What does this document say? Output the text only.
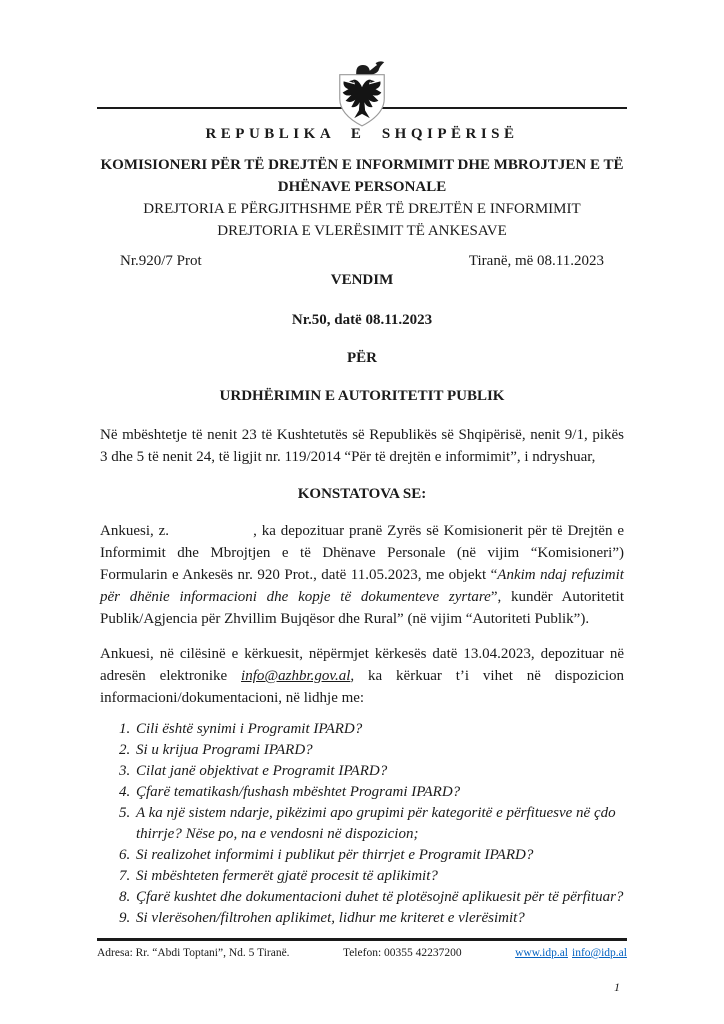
REPUBLIKA E SHQIPËRISË
KOMISIONERI PËR TË DREJTËN E INFORMIMIT DHE MBROJTJEN E TË DHËNAVE PERSONALE

DREJTORIA E PËRGJITHSHME PËR TË DREJTËN E INFORMIMIT

DREJTORIA E VLERËSIMIT TË ANKESAVE

Nr.920/7 Prot	Tiranë, më 08.11.2023

VENDIM

Nr.50, datë 08.11.2023

PËR

URDHËRIMIN E AUTORITETIT PUBLIK

Në mbështetje të nenit 23 të Kushtetutës së Republikës së Shqipërisë, nenit 9/1, pikës 3 dhe 5 të nenit 24, të ligjit nr. 119/2014 “Për të drejtën e informimit”, i ndryshuar,

KONSTATOVA SE:

Ankuesi, z.	, ka depozituar pranë Zyrës së Komisionerit për të Drejtën e Informimit dhe Mbrojtjen e të Dhënave Personale (në vijim “Komisioneri”) Formularin e Ankesës nr. 920 Prot., datë 11.05.2023, me objekt “Ankim ndaj refuzimit për dhënie informacioni dhe kopje të dokumenteve zyrtare”, kundër Autoritetit Publik/Agjencia për Zhvillim Bujqësor dhe Rural” (në vijim “Autoriteti Publik”).

Ankuesi, në cilësinë e kërkuesit, nëpërmjet kërkesës datë 13.04.2023, depozituar në adresën elektronike info@azhbr.gov.al, ka kërkuar t’i vihet në dispozicion informacioni/dokumentacioni, në lidhje me:

1. Cili është synimi i Programit IPARD?
2. Si u krijua Programi IPARD?
3. Cilat janë objektivat e Programit IPARD?
4. Çfarë tematikash/fushash mbështet Programi IPARD?
5. A ka një sistem ndarje, pikëzimi apo grupimi për kategoritë e përfituesve në çdo thirrje? Nëse po, na e vendosni në dispozicion;
6. Si realizohet informimi i publikut për thirrjet e Programit IPARD?
7. Si mbështeten fermerët gjatë procesit të aplikimit?
8. Çfarë kushtet dhe dokumentacioni duhet të plotësojnë aplikuesit për të përfituar?
9. Si vlerësohen/filtrohen aplikimet, lidhur me kriteret e vlerësimit?
Adresa: Rr. “Abdi Toptani”, Nd. 5 Tiranë.	Telefon: 00355 42237200	www.idp.al info@idp.al
1
